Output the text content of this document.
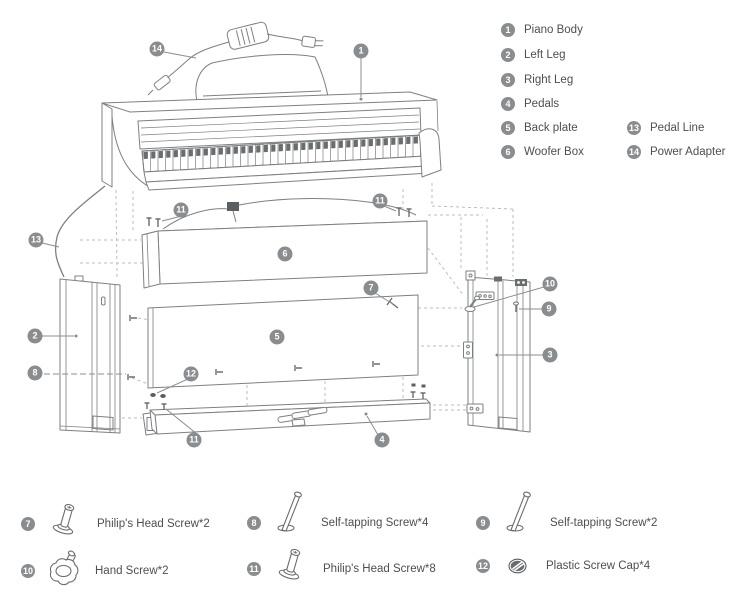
14	1
11
11
6
13
7
2
8	12
5
10
9
3
11	4
1	Piano Body
2	Left Leg
3	Right Leg
4	Pedals
5	Back plate
6	Woofer Box
13 Pedal Line
14 Power Adapter
7	Philip's Head Screw*2	8	Self-tapping Screw*4	9	Self-tapping Screw*2
10	Hand Screw*2	11	Philip's Head Screw*8	12	Plastic Screw Cap*4
